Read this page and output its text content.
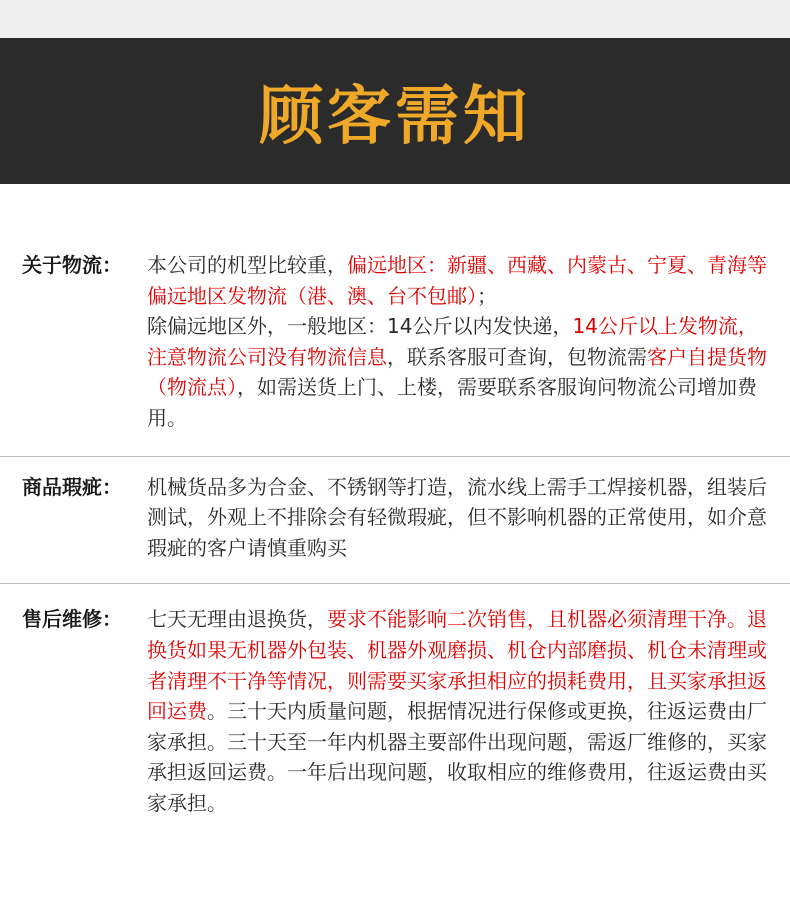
顾客需知
关于物流：	本公司的机型比较重，偏远地区：新疆、西藏、内蒙古、宁夏、青海等偏远地区发物流（港、澳、台不包邮）；
除偏远地区外，一般地区：14公斤以内发快递，14公斤以上发物流，注意物流公司没有物流信息，联系客服可查询，包物流需客户自提货物（物流点），如需送货上门、上楼，需要联系客服询问物流公司增加费用。
商品瑕疵：	机械货品多为合金、不锈钢等打造，流水线上需手工焊接机器，组装后测试，外观上不排除会有轻微瑕疵，但不影响机器的正常使用，如介意瑕疵的客户请慎重购买
售后维修：	七天无理由退换货，要求不能影响二次销售，且机器必须清理干净。退换货如果无机器外包装、机器外观磨损、机仓内部磨损、机仓未清理或者清理不干净等情况，则需要买家承担相应的损耗费用，且买家承担返回运费。三十天内质量问题，根据情况进行保修或更换，往返运费由厂家承担。三十天至一年内机器主要部件出现问题，需返厂维修的，买家承担返回运费。一年后出现问题，收取相应的维修费用，往返运费由买家承担。
